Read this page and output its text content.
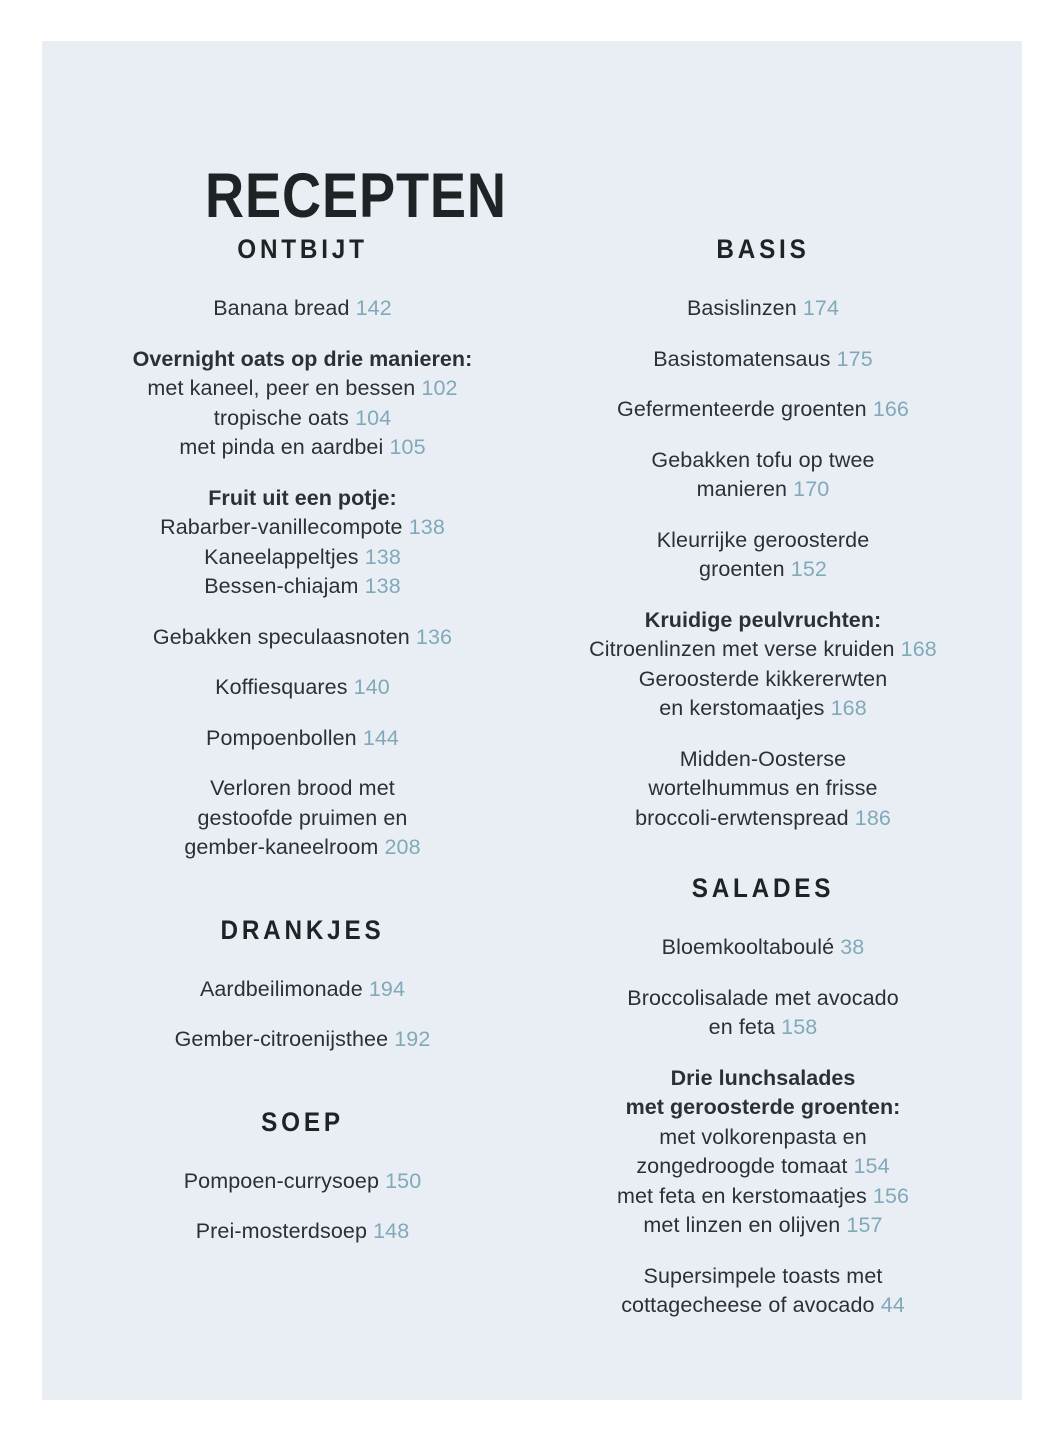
RECEPTEN
ONTBIJT
Banana bread 142
Overnight oats op drie manieren:
met kaneel, peer en bessen 102
tropische oats 104
met pinda en aardbei 105
Fruit uit een potje:
Rabarber-vanillecompote 138
Kaneelappeltjes 138
Bessen-chiajam 138
Gebakken speculaasnoten 136
Koffiesquares 140
Pompoenbollen 144
Verloren brood met
gestoofde pruimen en
gember-kaneelroom 208
DRANKJES
Aardbeilimonade 194
Gember-citroenijsthee 192
SOEP
Pompoen-currysoep 150
Prei-mosterdsoep 148
BASIS
Basislinzen 174
Basistomatensaus 175
Gefermenteerde groenten 166
Gebakken tofu op twee
manieren 170
Kleurrijke geroosterde
groenten 152
Kruidige peulvruchten:
Citroenlinzen met verse kruiden 168
Geroosterde kikkererwten
en kerstomaatjes 168
Midden-Oosterse
wortelhummus en frisse
broccoli-erwtenspread 186
SALADES
Bloemkooltaboulé 38
Broccolisalade met avocado
en feta 158
Drie lunchsalades
met geroosterde groenten:
met volkorenpasta en
zongedroogde tomaat 154
met feta en kerstomaatjes 156
met linzen en olijven 157
Supersimpele toasts met
cottagecheese of avocado 44
